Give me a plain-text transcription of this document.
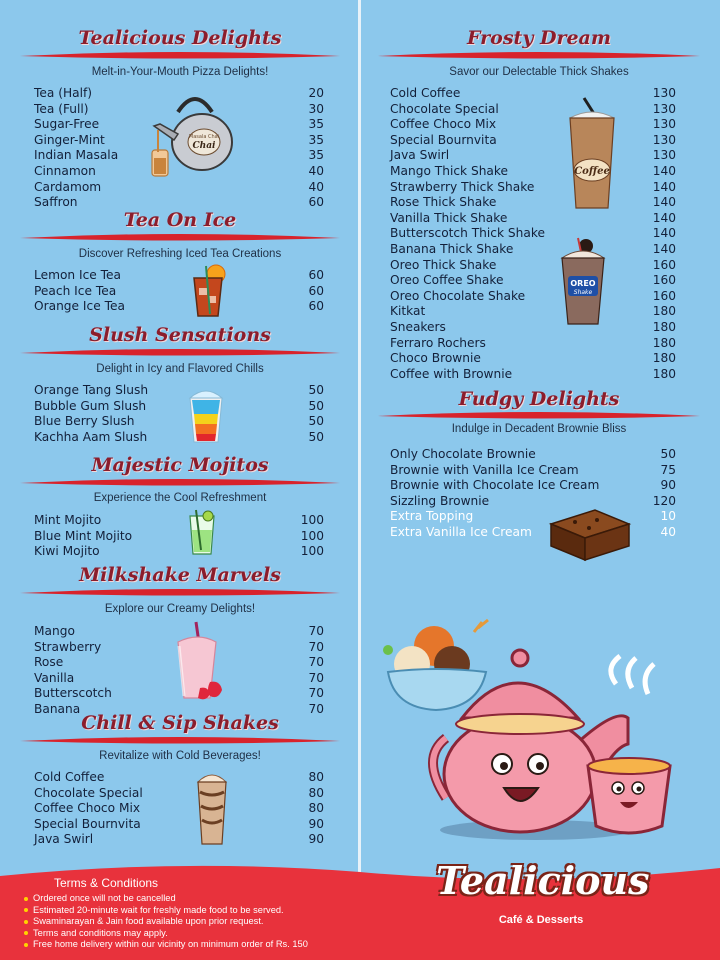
Tealicious Delights
Melt-in-Your-Mouth Pizza Delights!
Tea On Ice
Discover Refreshing Iced Tea Creations
Slush Sensations
Delight in Icy and Flavored Chills
Majestic Mojitos
Experience the Cool Refreshment
Milkshake Marvels
Explore our Creamy Delights!
Chill & Sip Shakes
Revitalize with Cold Beverages!
Frosty Dream
Savor our Delectable Thick Shakes
Fudgy Delights
Indulge in Decadent Brownie Bliss
Tea (Half)	20
Tea (Full)	30
Sugar-Free	35
Ginger-Mint	35
Indian Masala	35
Cinnamon	40
Cardamom	40
Saffron	60
Lemon Ice Tea	60
Peach Ice Tea	60
Orange Ice Tea	60
Orange Tang Slush	50
Bubble Gum Slush	50
Blue Berry Slush	50
Kachha Aam Slush	50
Mint Mojito	100
Blue Mint Mojito	100
Kiwi Mojito	100
Mango	70
Strawberry	70
Rose	70
Vanilla	70
Butterscotch	70
Banana	70
Cold Coffee	80
Chocolate Special	80
Coffee Choco Mix	80
Special Bournvita	90
Java Swirl	90
Cold Coffee	130
Chocolate Special	130
Coffee Choco Mix	130
Special Bournvita	130
Java Swirl	130
Mango Thick Shake	140
Strawberry Thick Shake	140
Rose Thick Shake	140
Vanilla Thick Shake	140
Butterscotch Thick Shake	140
Banana Thick Shake	140
Oreo Thick Shake	160
Oreo Coffee Shake	160
Oreo Chocolate Shake	160
Kitkat	180
Sneakers	180
Ferraro Rochers	180
Choco Brownie	180
Coffee with Brownie	180
Only Chocolate Brownie	50
Brownie with Vanilla Ice Cream	75
Brownie with Chocolate Ice Cream	90
Sizzling Brownie	120
Extra Topping	10
Extra Vanilla Ice Cream	40
Masala Chai
Chai
Coffee
OREO
Shake
Terms & Conditions
Ordered once will not be cancelled
Estimated 20-minute wait for freshly made food to be served.
Swaminarayan & Jain food available upon prior request.
Terms and conditions may apply.
Free home delivery within our vicinity on minimum order of Rs. 150
Tealicious
Café & Desserts
